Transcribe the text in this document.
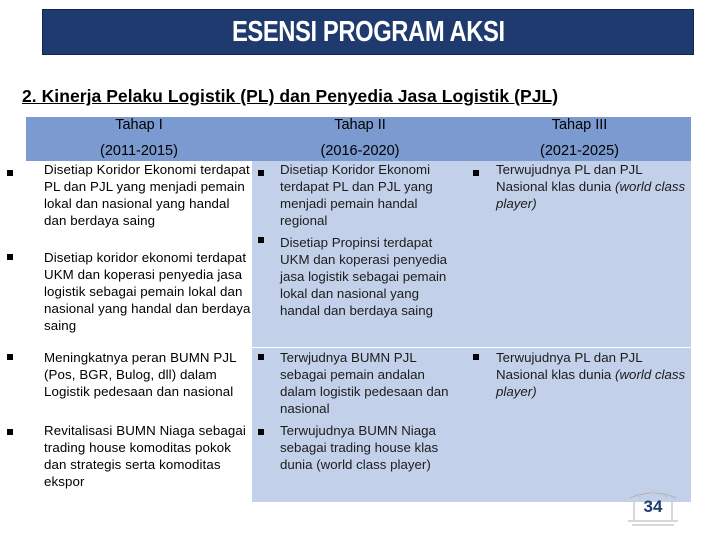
ESENSI PROGRAM AKSI
2. Kinerja Pelaku Logistik (PL) dan Penyedia Jasa Logistik (PJL)
Tahap I
(2011-2015)
Tahap II
(2016-2020)
Tahap III
(2021-2025)
Disetiap Koridor Ekonomi terdapat PL dan PJL yang menjadi pemain lokal dan nasional yang handal dan berdaya saing
Disetiap koridor ekonomi terdapat UKM dan koperasi penyedia jasa logistik sebagai pemain lokal dan nasional yang handal dan berdaya saing
Meningkatnya peran BUMN PJL (Pos, BGR, Bulog, dll) dalam Logistik pedesaan dan nasional
Revitalisasi BUMN Niaga sebagai trading house komoditas pokok dan strategis serta komoditas ekspor
Disetiap Koridor Ekonomi terdapat PL dan PJL yang menjadi pemain handal regional
Disetiap Propinsi terdapat UKM dan koperasi penyedia jasa logistik sebagai pemain lokal dan nasional yang handal dan berdaya saing
Terwjudnya BUMN PJL sebagai pemain andalan dalam logistik pedesaan dan nasional
Terwujudnya BUMN Niaga sebagai trading house klas dunia (world class player)
Terwujudnya PL dan PJL Nasional klas dunia (world class player)
Terwujudnya PL dan PJL Nasional klas dunia (world class player)
34
